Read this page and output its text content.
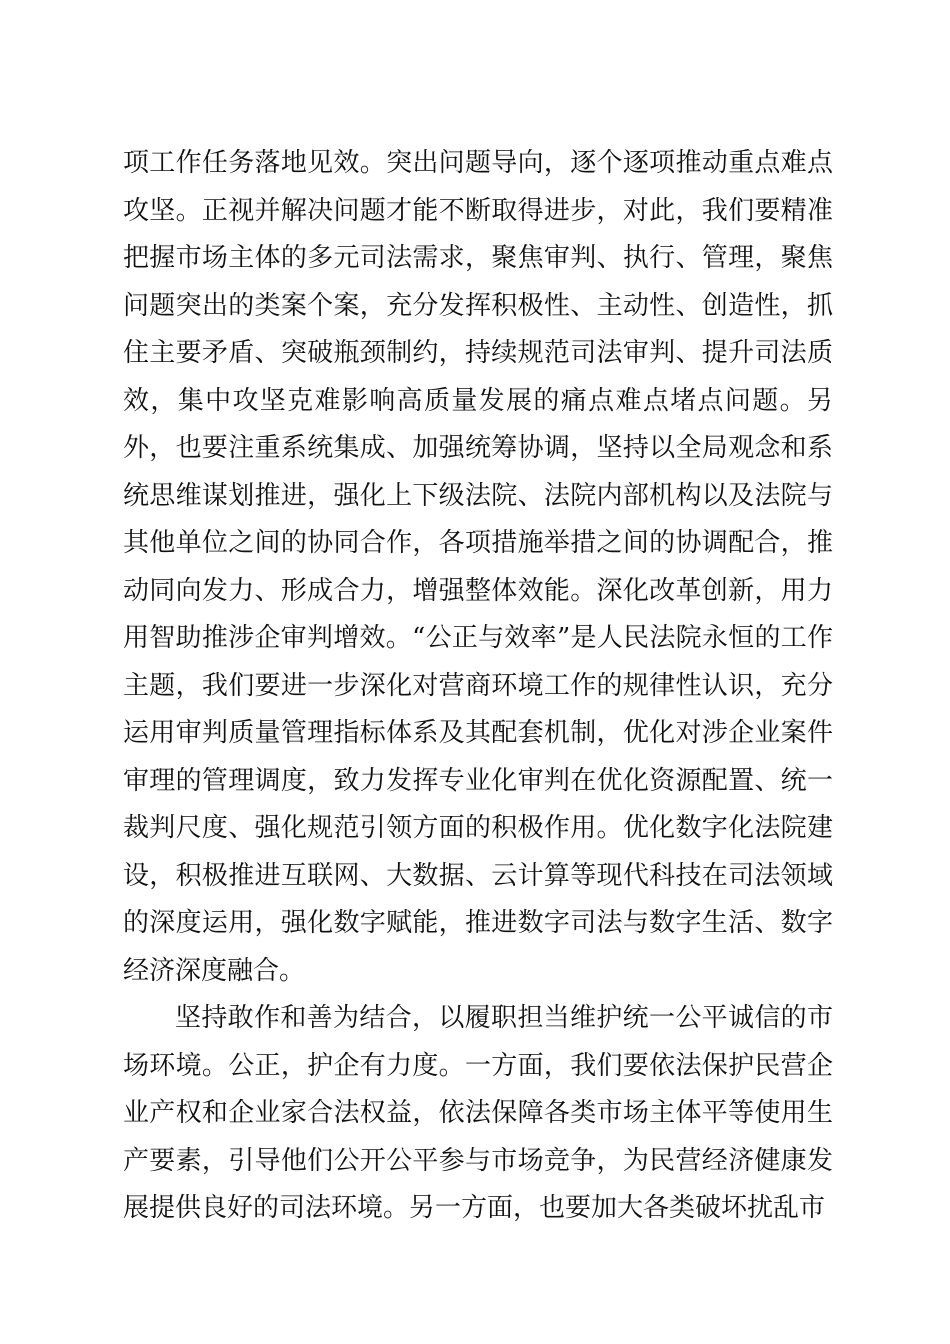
项工作任务落地见效。突出问题导向，逐个逐项推动重点难点攻坚。正视并解决问题才能不断取得进步，对此，我们要精准把握市场主体的多元司法需求，聚焦审判、执行、管理，聚焦问题突出的类案个案，充分发挥积极性、主动性、创造性，抓住主要矛盾、突破瓶颈制约，持续规范司法审判、提升司法质效，集中攻坚克难影响高质量发展的痛点难点堵点问题。另外，也要注重系统集成、加强统筹协调，坚持以全局观念和系统思维谋划推进，强化上下级法院、法院内部机构以及法院与其他单位之间的协同合作，各项措施举措之间的协调配合，推动同向发力、形成合力，增强整体效能。深化改革创新，用力用智助推涉企审判增效。“公正与效率”是人民法院永恒的工作主题，我们要进一步深化对营商环境工作的规律性认识，充分运用审判质量管理指标体系及其配套机制，优化对涉企业案件审理的管理调度，致力发挥专业化审判在优化资源配置、统一裁判尺度、强化规范引领方面的积极作用。优化数字化法院建设，积极推进互联网、大数据、云计算等现代科技在司法领域的深度运用，强化数字赋能，推进数字司法与数字生活、数字经济深度融合。

坚持敢作和善为结合，以履职担当维护统一公平诚信的市场环境。公正，护企有力度。一方面，我们要依法保护民营企业产权和企业家合法权益，依法保障各类市场主体平等使用生产要素，引导他们公开公平参与市场竞争，为民营经济健康发展提供良好的司法环境。另一方面，也要加大各类破坏扰乱市
